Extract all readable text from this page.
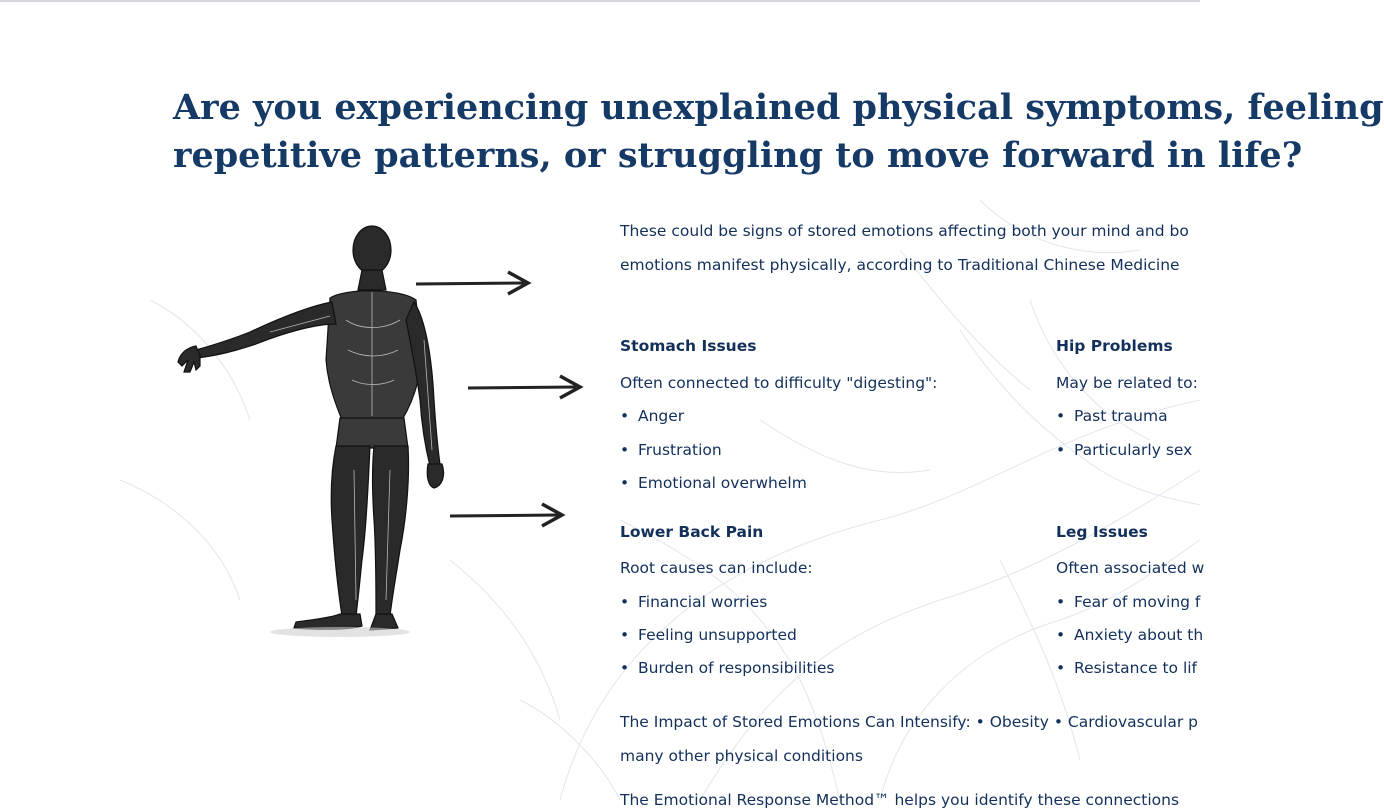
Are you experiencing unexplained physical symptoms, feeling
repetitive patterns, or struggling to move forward in life?
These could be signs of stored emotions affecting both your mind and bo
emotions manifest physically, according to Traditional Chinese Medicine
Stomach Issues
Often connected to difficulty "digesting":
• Anger
• Frustration
• Emotional overwhelm
Hip Problems
May be related to:
• Past trauma
• Particularly sex
Lower Back Pain
Root causes can include:
• Financial worries
• Feeling unsupported
• Burden of responsibilities
Leg Issues
Often associated w
• Fear of moving f
• Anxiety about th
• Resistance to lif
The Impact of Stored Emotions Can Intensify: • Obesity • Cardiovascular p
many other physical conditions
The Emotional Response Method™ helps you identify these connections
